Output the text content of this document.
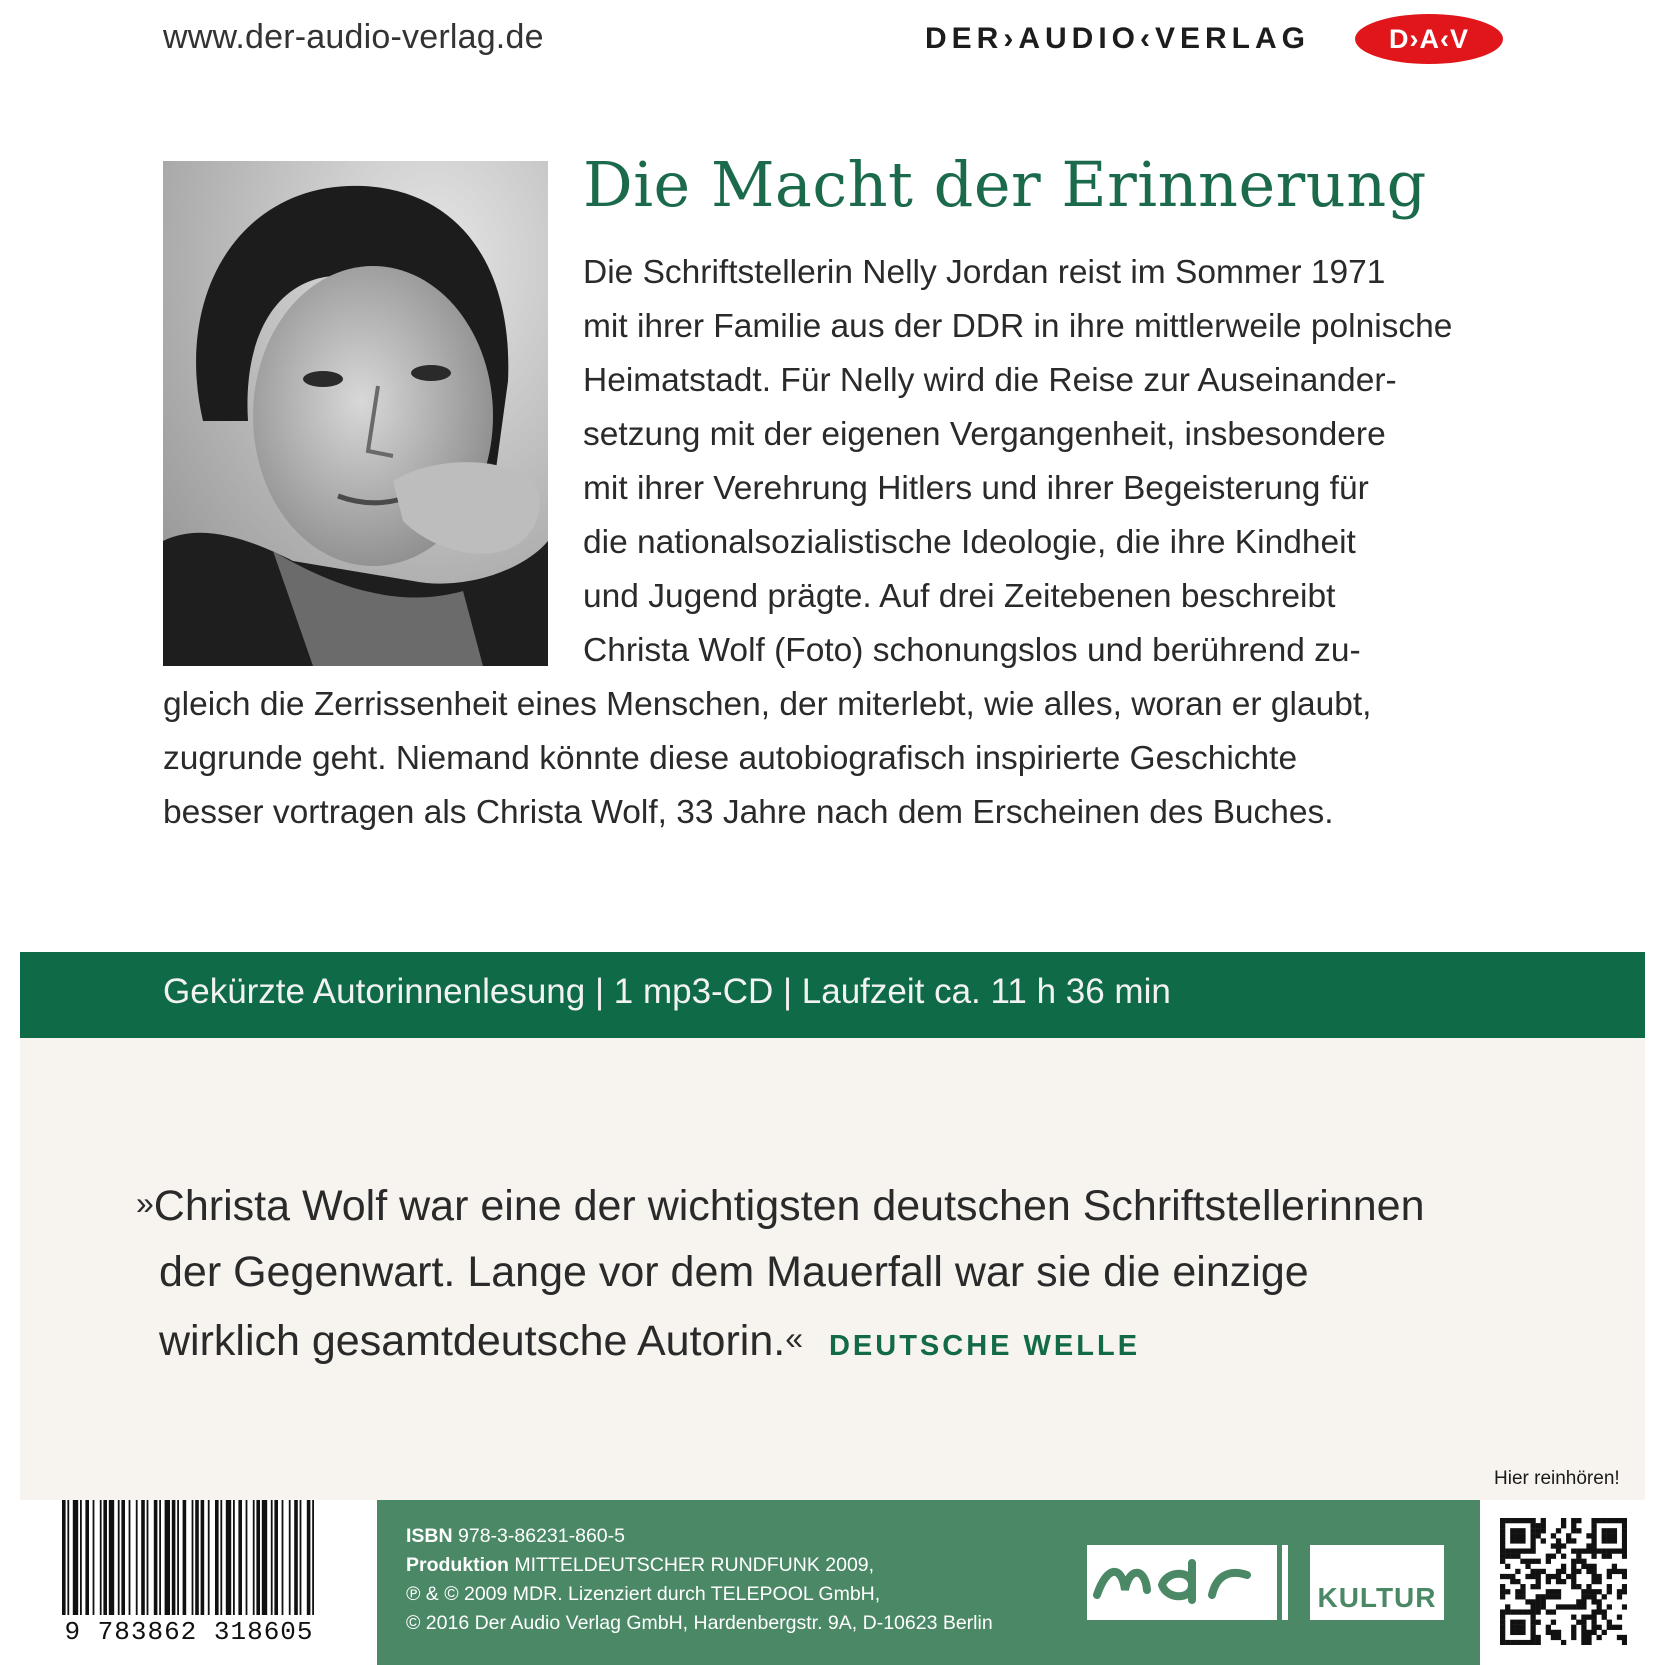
www.der-audio-verlag.de	DER›AUDIO‹VERLAG	D›A‹V
Die Macht der Erinnerung
Die Schriftstellerin Nelly Jordan reist im Sommer 1971
mit ihrer Familie aus der DDR in ihre mittlerweile polnische
Heimatstadt. Für Nelly wird die Reise zur Auseinander-
setzung mit der eigenen Vergangenheit, insbesondere
mit ihrer Verehrung Hitlers und ihrer Begeisterung für
die nationalsozialistische Ideologie, die ihre Kindheit
und Jugend prägte. Auf drei Zeitebenen beschreibt
Christa Wolf (Foto) schonungslos und berührend zu-
gleich die Zerrissenheit eines Menschen, der miterlebt, wie alles, woran er glaubt,
zugrunde geht. Niemand könnte diese autobiografisch inspirierte Geschichte
besser vortragen als Christa Wolf, 33 Jahre nach dem Erscheinen des Buches.
Gekürzte Autorinnenlesung | 1 mp3-CD | Laufzeit ca. 11 h 36 min
»Christa Wolf war eine der wichtigsten deutschen Schriftstellerinnen
der Gegenwart. Lange vor dem Mauerfall war sie die einzige
wirklich gesamtdeutsche Autorin.« DEUTSCHE WELLE
9 783862 318605
ISBN 978-3-86231-860-5
Produktion MITTELDEUTSCHER RUNDFUNK 2009,
℗ & © 2009 MDR. Lizenziert durch TELEPOOL GmbH,
© 2016 Der Audio Verlag GmbH, Hardenbergstr. 9A, D-10623 Berlin
KULTUR
Hier reinhören!
